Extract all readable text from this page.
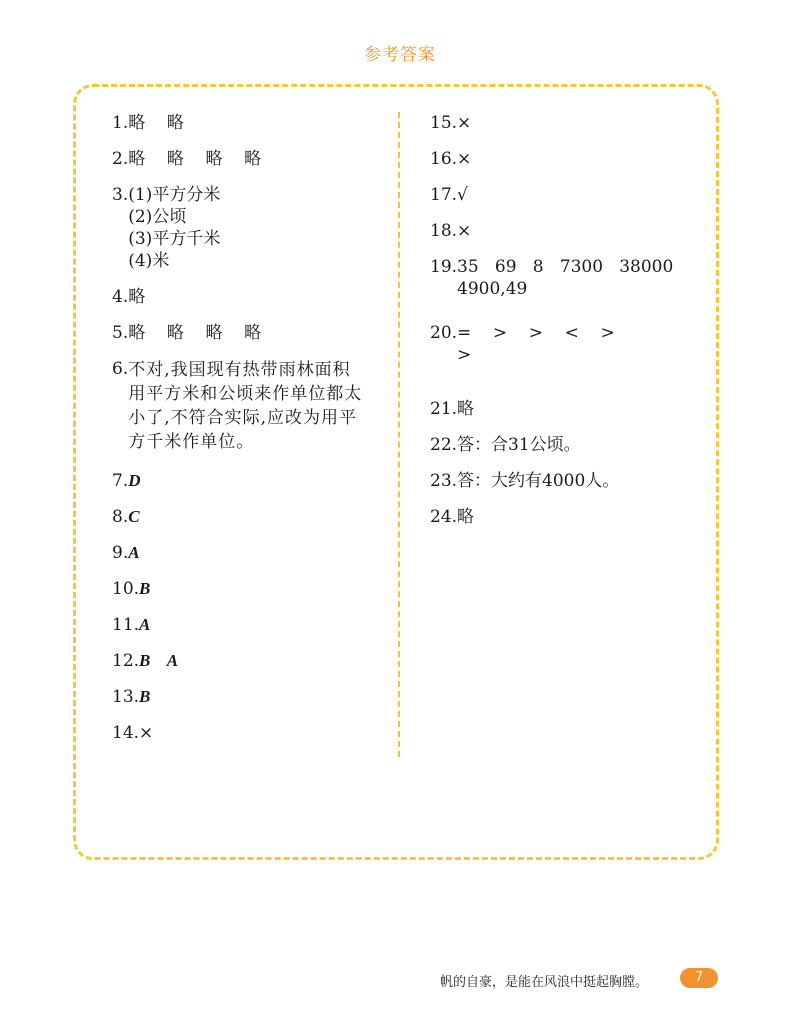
参考答案
1. 略    略
2. 略    略    略    略
3. (1)平方分米
(2)公顷
(3)平方千米
(4)米
4. 略
5. 略    略    略    略
6. 不对,我国现有热带雨林面积用平方米和公顷来作单位都太小了,不符合实际,应改为用平方千米作单位。
7. D
8. C
9. A
10. B
11. A
12. B    A
13. B
14. ×
15. ×
16. ×
17. √
18. ×
19. 35   69   8   7300   38000
4900,49
20. =    >    >    <    >
>
21. 略
22. 答：合31公顷。
23. 答：大约有4000人。
24. 略
帆的自豪，是能在风浪中挺起胸膛。	7
